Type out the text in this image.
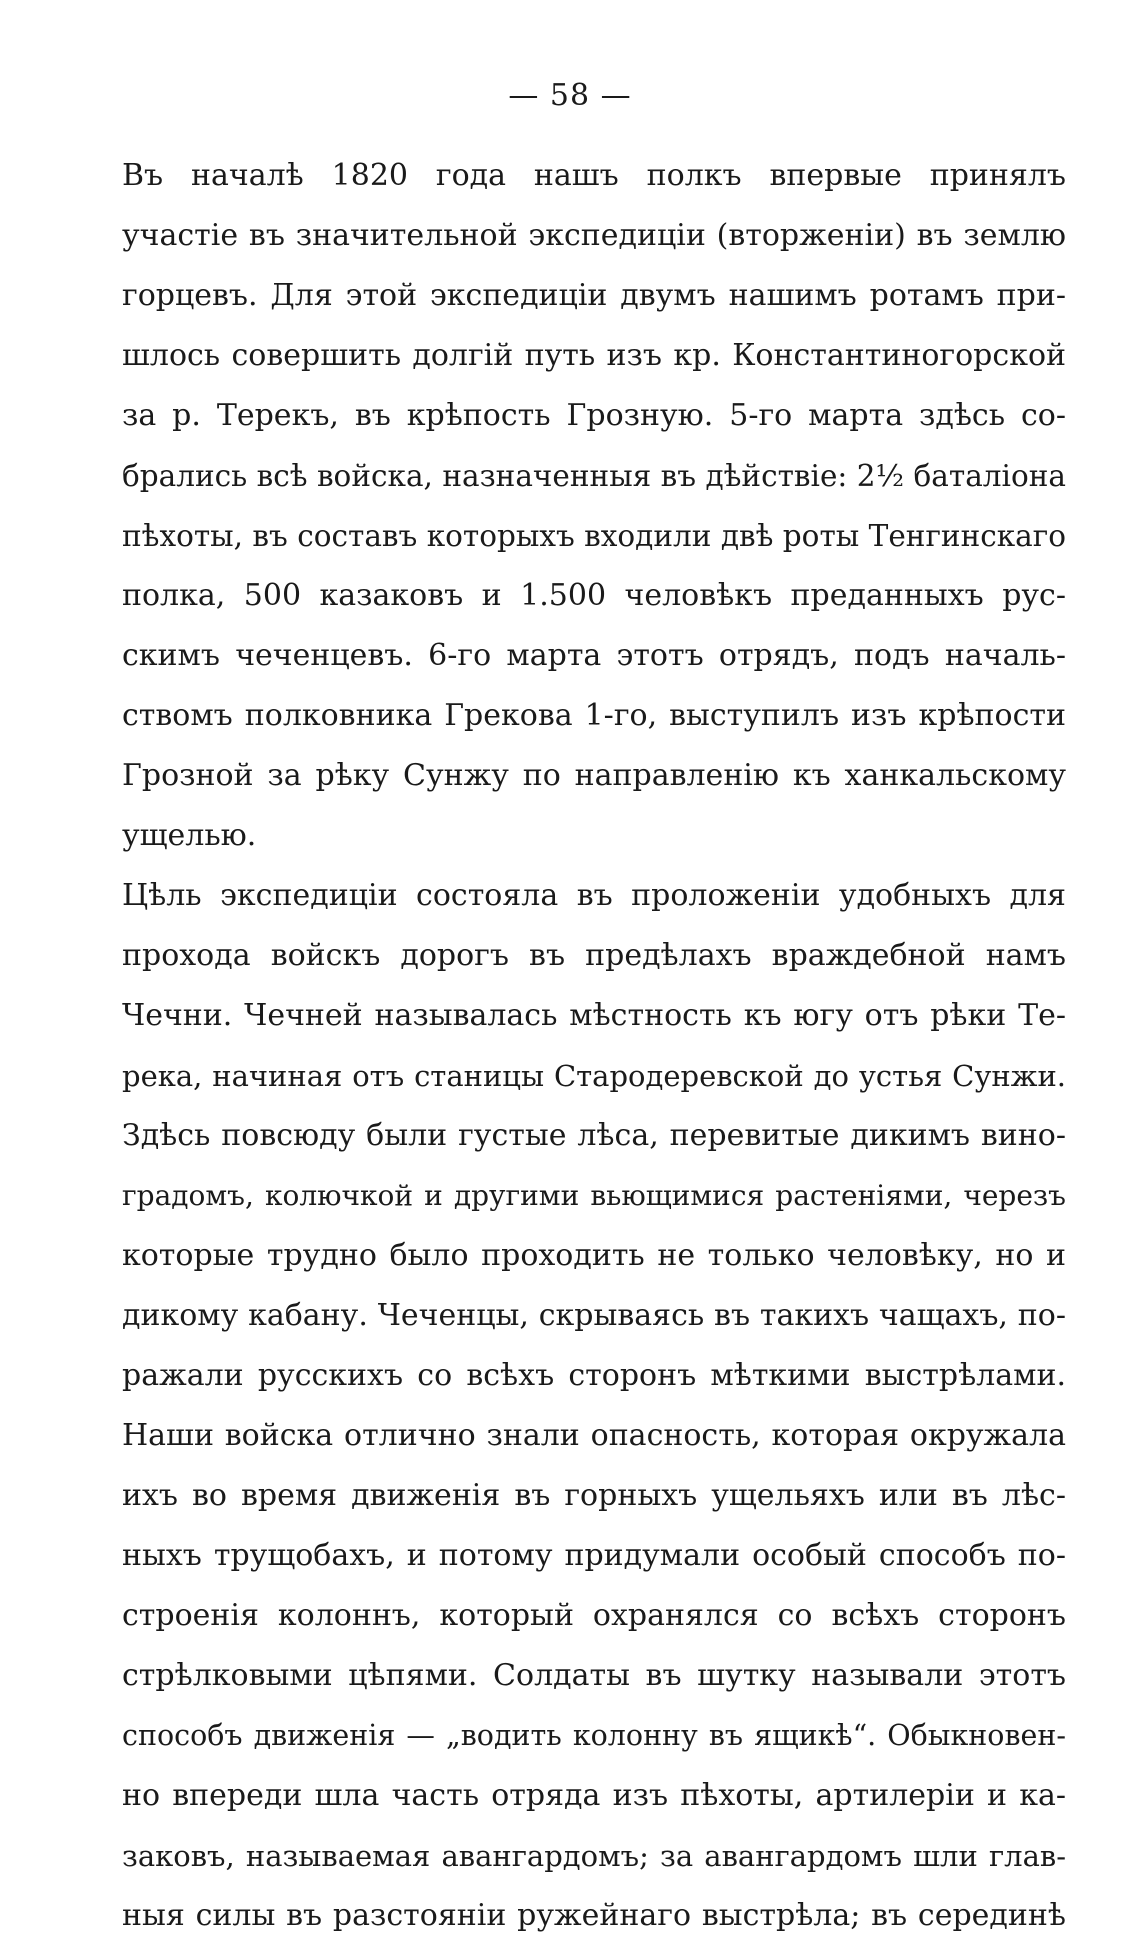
— 58 —
Въ началѣ 1820 года нашъ полкъ впервые принялъ
участіе въ значительной экспедиціи (вторженіи) въ землю
горцевъ. Для этой экспедиціи двумъ нашимъ ротамъ при-
шлось совершить долгій путь изъ кр. Константиногорской
за р. Терекъ, въ крѣпость Грозную. 5-го марта здѣсь со-
брались всѣ войска, назначенныя въ дѣйствіе: 2½ баталіона
пѣхоты, въ составъ которыхъ входили двѣ роты Тенгинскаго
полка, 500 казаковъ и 1.500 человѣкъ преданныхъ рус-
скимъ чеченцевъ. 6-го марта этотъ отрядъ, подъ началь-
ствомъ полковника Грекова 1-го, выступилъ изъ крѣпости
Грозной за рѣку Сунжу по направленію къ ханкальскому
ущелью.
Цѣль экспедиціи состояла въ проложеніи удобныхъ для
прохода войскъ дорогъ въ предѣлахъ враждебной намъ
Чечни. Чечней называлась мѣстность къ югу отъ рѣки Те-
река, начиная отъ станицы Стародеревской до устья Сунжи.
Здѣсь повсюду были густые лѣса, перевитые дикимъ вино-
градомъ, колючкой и другими вьющимися растеніями, черезъ
которые трудно было проходить не только человѣку, но и
дикому кабану. Чеченцы, скрываясь въ такихъ чащахъ, по-
ражали русскихъ со всѣхъ сторонъ мѣткими выстрѣлами.
Наши войска отлично знали опасность, которая окружала
ихъ во время движенія въ горныхъ ущельяхъ или въ лѣс-
ныхъ трущобахъ, и потому придумали особый способъ по-
строенія колоннъ, который охранялся со всѣхъ сторонъ
стрѣлковыми цѣпями. Солдаты въ шутку называли этотъ
способъ движенія — „водить колонну въ ящикѣ“. Обыкновен-
но впереди шла часть отряда изъ пѣхоты, артилеріи и ка-
заковъ, называемая авангардомъ; за авангардомъ шли глав-
ныя силы въ разстояніи ружейнаго выстрѣла; въ серединѣ
